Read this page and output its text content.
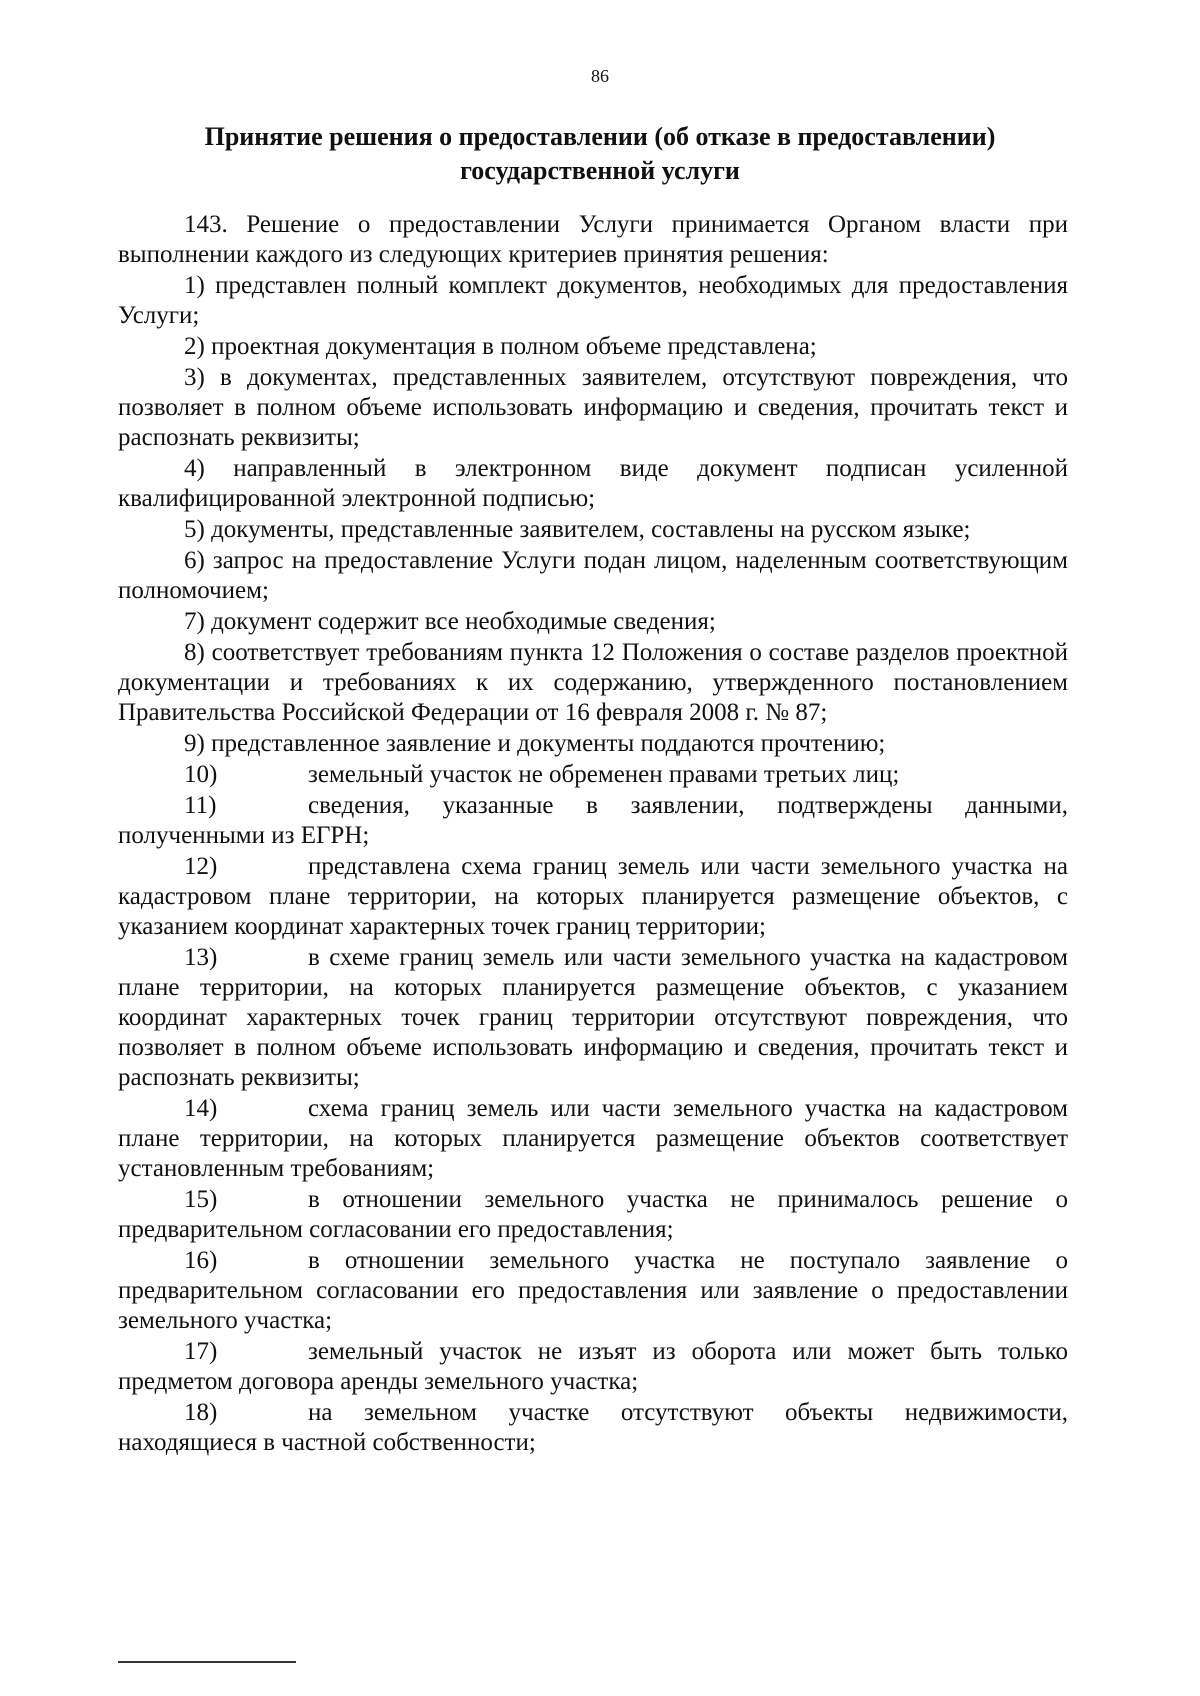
86
Принятие решения о предоставлении (об отказе в предоставлении)
государственной услуги

143. Решение о предоставлении Услуги принимается Органом власти при выполнении каждого из следующих критериев принятия решения:

1) представлен полный комплект документов, необходимых для предоставления Услуги;

2) проектная документация в полном объеме представлена;

3) в документах, представленных заявителем, отсутствуют повреждения, что позволяет в полном объеме использовать информацию и сведения, прочитать текст и распознать реквизиты;

4) направленный в электронном виде документ подписан усиленной квалифицированной электронной подписью;

5) документы, представленные заявителем, составлены на русском языке;

6) запрос на предоставление Услуги подан лицом, наделенным соответствующим полномочием;

7) документ содержит все необходимые сведения;

8) соответствует требованиям пункта 12 Положения о составе разделов проектной документации и требованиях к их содержанию, утвержденного постановлением Правительства Российской Федерации от 16 февраля 2008 г. № 87;

9) представленное заявление и документы поддаются прочтению;

10)	земельный участок не обременен правами третьих лиц;

11)	сведения, указанные в заявлении, подтверждены данными, полученными из ЕГРН;

12)	представлена схема границ земель или части земельного участка на кадастровом плане территории, на которых планируется размещение объектов, с указанием координат характерных точек границ территории;

13)	в схеме границ земель или части земельного участка на кадастровом плане территории, на которых планируется размещение объектов, с указанием координат характерных точек границ территории отсутствуют повреждения, что позволяет в полном объеме использовать информацию и сведения, прочитать текст и распознать реквизиты;

14)	схема границ земель или части земельного участка на кадастровом плане территории, на которых планируется размещение объектов соответствует установленным требованиям;

15)	в отношении земельного участка не принималось решение о предварительном согласовании его предоставления;

16)	в отношении земельного участка не поступало заявление о предварительном согласовании его предоставления или заявление о предоставлении земельного участка;

17)	земельный участок не изъят из оборота или может быть только предметом договора аренды земельного участка;

18)	на земельном участке отсутствуют объекты недвижимости, находящиеся в частной собственности;
